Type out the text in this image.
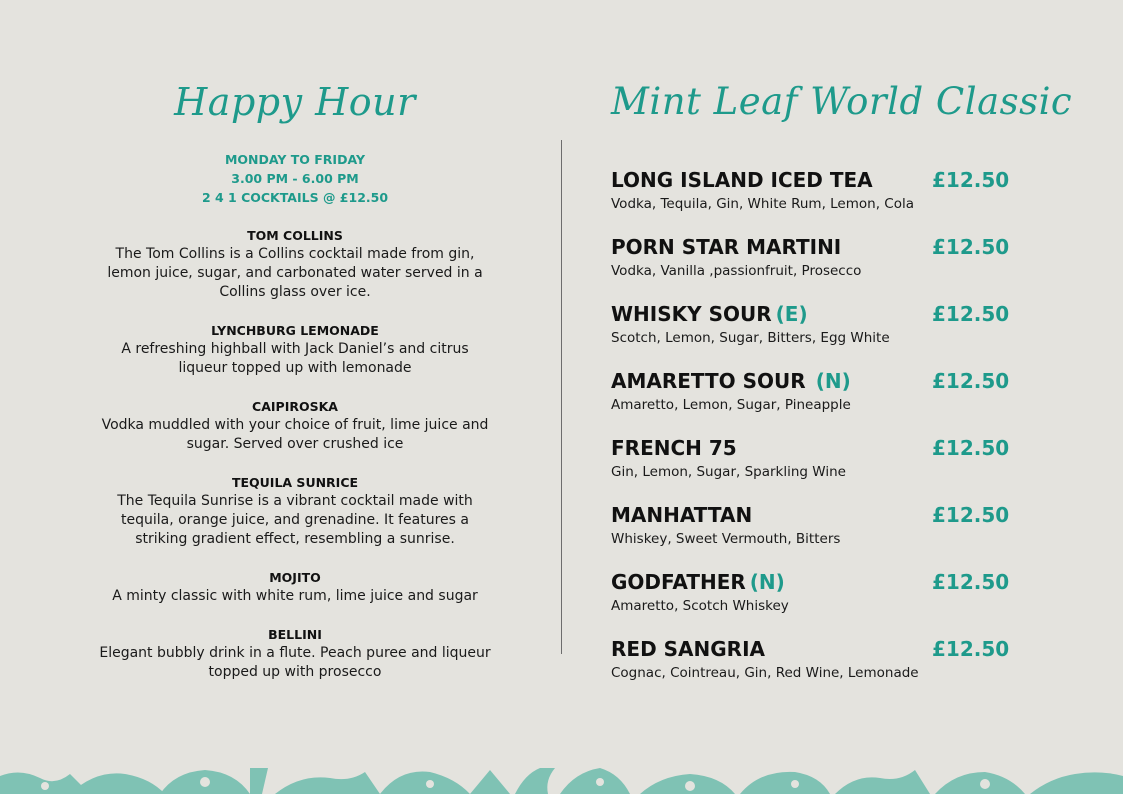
Happy Hour
MONDAY TO FRIDAY
3.00 PM - 6.00 PM
2 4 1 COCKTAILS @ £12.50
TOM COLLINS
The Tom Collins is a Collins cocktail made from gin, lemon juice, sugar, and carbonated water served in a Collins glass over ice.
LYNCHBURG LEMONADE
A refreshing highball with Jack Daniel’s and citrus liqueur topped up with lemonade
CAIPIROSKA
Vodka muddled with your choice of fruit, lime juice and sugar. Served over crushed ice
TEQUILA SUNRICE
The Tequila Sunrise is a vibrant cocktail made with tequila, orange juice, and grenadine. It features a striking gradient effect, resembling a sunrise.
MOJITO
A minty classic with white rum, lime juice and sugar
BELLINI
Elegant bubbly drink in a flute. Peach puree and liqueur topped up with prosecco
Mint Leaf World Classic
LONG ISLAND ICED TEA	£12.50
Vodka, Tequila, Gin, White Rum, Lemon, Cola
PORN STAR MARTINI	£12.50
Vodka, Vanilla ,passionfruit, Prosecco
WHISKY SOUR (E)	£12.50
Scotch, Lemon, Sugar, Bitters, Egg White
AMARETTO SOUR (N)	£12.50
Amaretto, Lemon, Sugar, Pineapple
FRENCH 75	£12.50
Gin, Lemon, Sugar, Sparkling Wine
MANHATTAN	£12.50
Whiskey, Sweet Vermouth, Bitters
GODFATHER (N)	£12.50
Amaretto, Scotch Whiskey
RED SANGRIA	£12.50
Cognac, Cointreau, Gin, Red Wine, Lemonade
